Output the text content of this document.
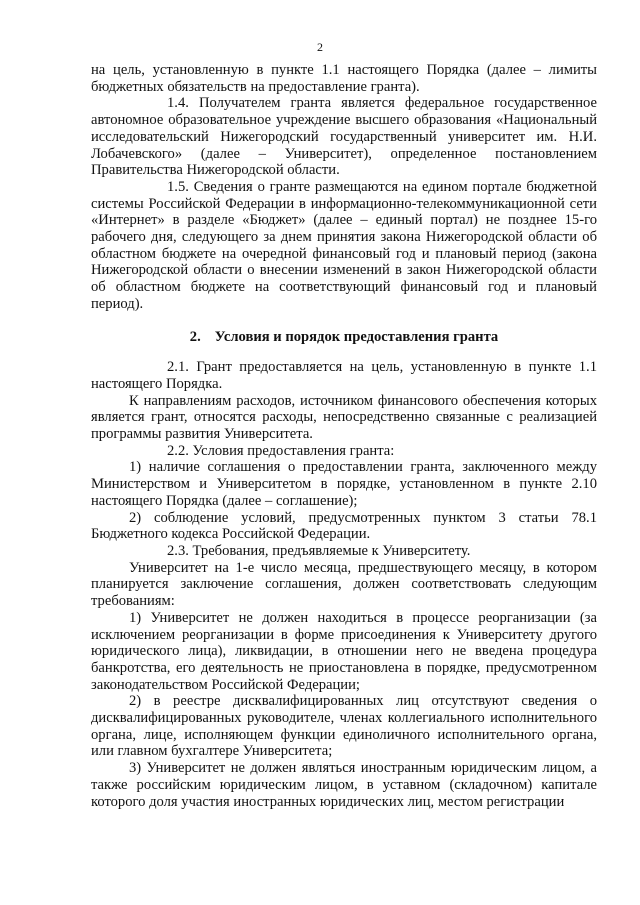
2

на цель, установленную в пункте 1.1 настоящего Порядка (далее – лимиты бюджетных обязательств на предоставление гранта).

1.4. Получателем гранта является федеральное государственное автономное образовательное учреждение высшего образования «Национальный исследовательский Нижегородский государственный университет им. Н.И. Лобачевского» (далее – Университет), определенное постановлением Правительства Нижегородской области.

1.5. Сведения о гранте размещаются на едином портале бюджетной системы Российской Федерации в информационно-телекоммуникационной сети «Интернет» в разделе «Бюджет» (далее – единый портал) не позднее 15-го рабочего дня, следующего за днем принятия закона Нижегородской области об областном бюджете на очередной финансовый год и плановый период (закона Нижегородской области о внесении изменений в закон Нижегородской области об областном бюджете на соответствующий финансовый год и плановый период).

2. Условия и порядок предоставления гранта

2.1. Грант предоставляется на цель, установленную в пункте 1.1 настоящего Порядка.

К направлениям расходов, источником финансового обеспечения которых является грант, относятся расходы, непосредственно связанные с реализацией программы развития Университета.

2.2. Условия предоставления гранта:

1) наличие соглашения о предоставлении гранта, заключенного между Министерством и Университетом в порядке, установленном в пункте 2.10 настоящего Порядка (далее – соглашение);

2) соблюдение условий, предусмотренных пунктом 3 статьи 78.1 Бюджетного кодекса Российской Федерации.

2.3. Требования, предъявляемые к Университету.

Университет на 1-е число месяца, предшествующего месяцу, в котором планируется заключение соглашения, должен соответствовать следующим требованиям:

1) Университет не должен находиться в процессе реорганизации (за исключением реорганизации в форме присоединения к Университету другого юридического лица), ликвидации, в отношении него не введена процедура банкротства, его деятельность не приостановлена в порядке, предусмотренном законодательством Российской Федерации;

2) в реестре дисквалифицированных лиц отсутствуют сведения о дисквалифицированных руководителе, членах коллегиального исполнительного органа, лице, исполняющем функции единоличного исполнительного органа, или главном бухгалтере Университета;

3) Университет не должен являться иностранным юридическим лицом, а также российским юридическим лицом, в уставном (складочном) капитале которого доля участия иностранных юридических лиц, местом регистрации
